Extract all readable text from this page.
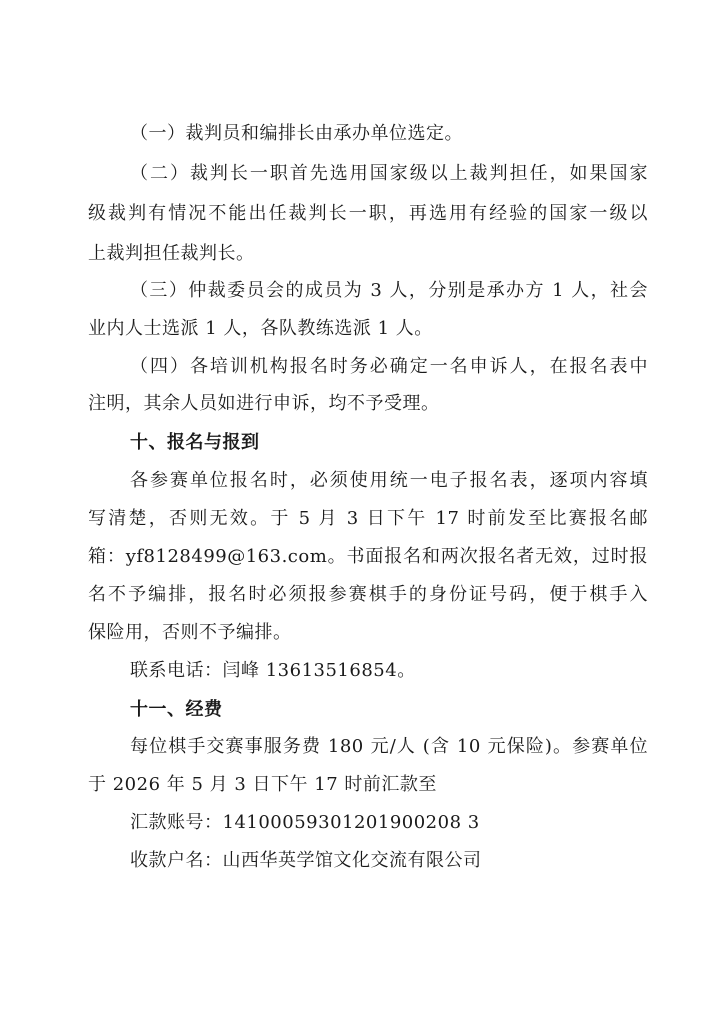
（一）裁判员和编排长由承办单位选定。
（二）裁判长一职首先选用国家级以上裁判担任，如果国家
级裁判有情况不能出任裁判长一职，再选用有经验的国家一级以
上裁判担任裁判长。
（三）仲裁委员会的成员为 3 人，分别是承办方 1 人，社会
业内人士选派 1 人，各队教练选派 1 人。
（四）各培训机构报名时务必确定一名申诉人，在报名表中
注明，其余人员如进行申诉，均不予受理。
十、报名与报到
各参赛单位报名时，必须使用统一电子报名表，逐项内容填
写清楚，否则无效。于 5 月 3 日下午 17 时前发至比赛报名邮
箱：yf8128499@163.com。书面报名和两次报名者无效，过时报
名不予编排，报名时必须报参赛棋手的身份证号码，便于棋手入
保险用，否则不予编排。
联系电话：闫峰 13613516854。
十一、经费
每位棋手交赛事服务费 180 元/人 (含 10 元保险)。参赛单位
于 2026 年 5 月 3 日下午 17 时前汇款至
汇款账号：14100059301201900208 3
收款户名：山西华英学馆文化交流有限公司
